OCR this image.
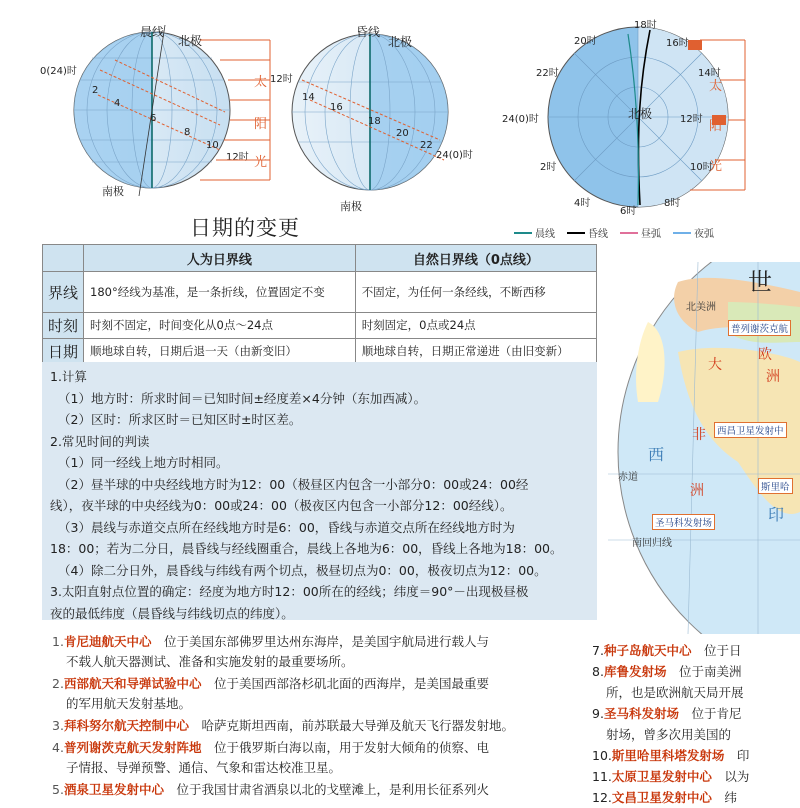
晨线
北极
0(24)时
南极
2
4
6
8
10
12时
太
阳
光
昏线
北极
12时
24(0)时
南极
14
16
18
20
22
北极
18时
20时
22时
16时
14时
24(0)时	12时
2时	10时
4时
6时
8时
太
阳
光
日期的变更	晨线	昏线	昼弧	夜弧
	人为日界线	自然日界线（0点线）
界线	180°经线为基准，是一条折线，位置固定不变	不固定，为任何一条经线，不断西移
时刻	时刻不固定，时间变化从0点～24点	时刻固定，0点或24点
日期	顺地球自转，日期后退一天（由新变旧）	顺地球自转，日期正常递进（由旧变新）
1.计算
（1）地方时：所求时间＝已知时间±经度差×4分钟（东加西减）。
（2）区时：所求区时＝已知区时±时区差。
2.常见时间的判读
（1）同一经线上地方时相同。
（2）昼半球的中央经线地方时为12：00（极昼区内包含一小部分0：00或24：00经
线），夜半球的中央经线为0：00或24：00（极夜区内包含一小部分12：00经线）。
（3）晨线与赤道交点所在经线地方时是6：00，昏线与赤道交点所在经线地方时为
18：00；若为二分日，晨昏线与经线圈重合，晨线上各地为6：00，昏线上各地为18：00。
（4）除二分日外，晨昏线与纬线有两个切点，极昼切点为0：00，极夜切点为12：00。
3.太阳直射点位置的确定：经度为地方时12：00所在的经线；纬度＝90°－出现极昼极
夜的最低纬度（晨昏线与纬线切点的纬度）。
北美洲
普列谢茨克航
欧
洲
大
非	西昌卫星发射中
西
赤道
洲	斯里哈
印
圣马科发射场
南回归线
世
1.肯尼迪航天中心　 位于美国东部佛罗里达州东海岸，是美国宇航局进行载人与
不载人航天器测试、准备和实施发射的最重要场所。
2.西部航天和导弹试验中心　 位于美国西部洛杉矶北面的西海岸，是美国最重要
的军用航天发射基地。
3.拜科努尔航天控制中心　 哈萨克斯坦西南，前苏联最大导弹及航天飞行器发射地。
4.普列谢茨克航天发射阵地　 位于俄罗斯白海以南，用于发射大倾角的侦察、电
子情报、导弹预警、通信、气象和雷达校准卫星。
5.酒泉卫星发射中心　 位于我国甘肃省酒泉以北的戈壁滩上，是利用长征系列火
7.种子岛航天中心　 位于日
8.库鲁发射场　 位于南美洲
所，也是欧洲航天局开展
9.圣马科发射场　 位于肯尼
射场，曾多次用美国的
10.斯里哈里科塔发射场　 印
11.太原卫星发射中心　 以为
12.文昌卫星发射中心　 纬
